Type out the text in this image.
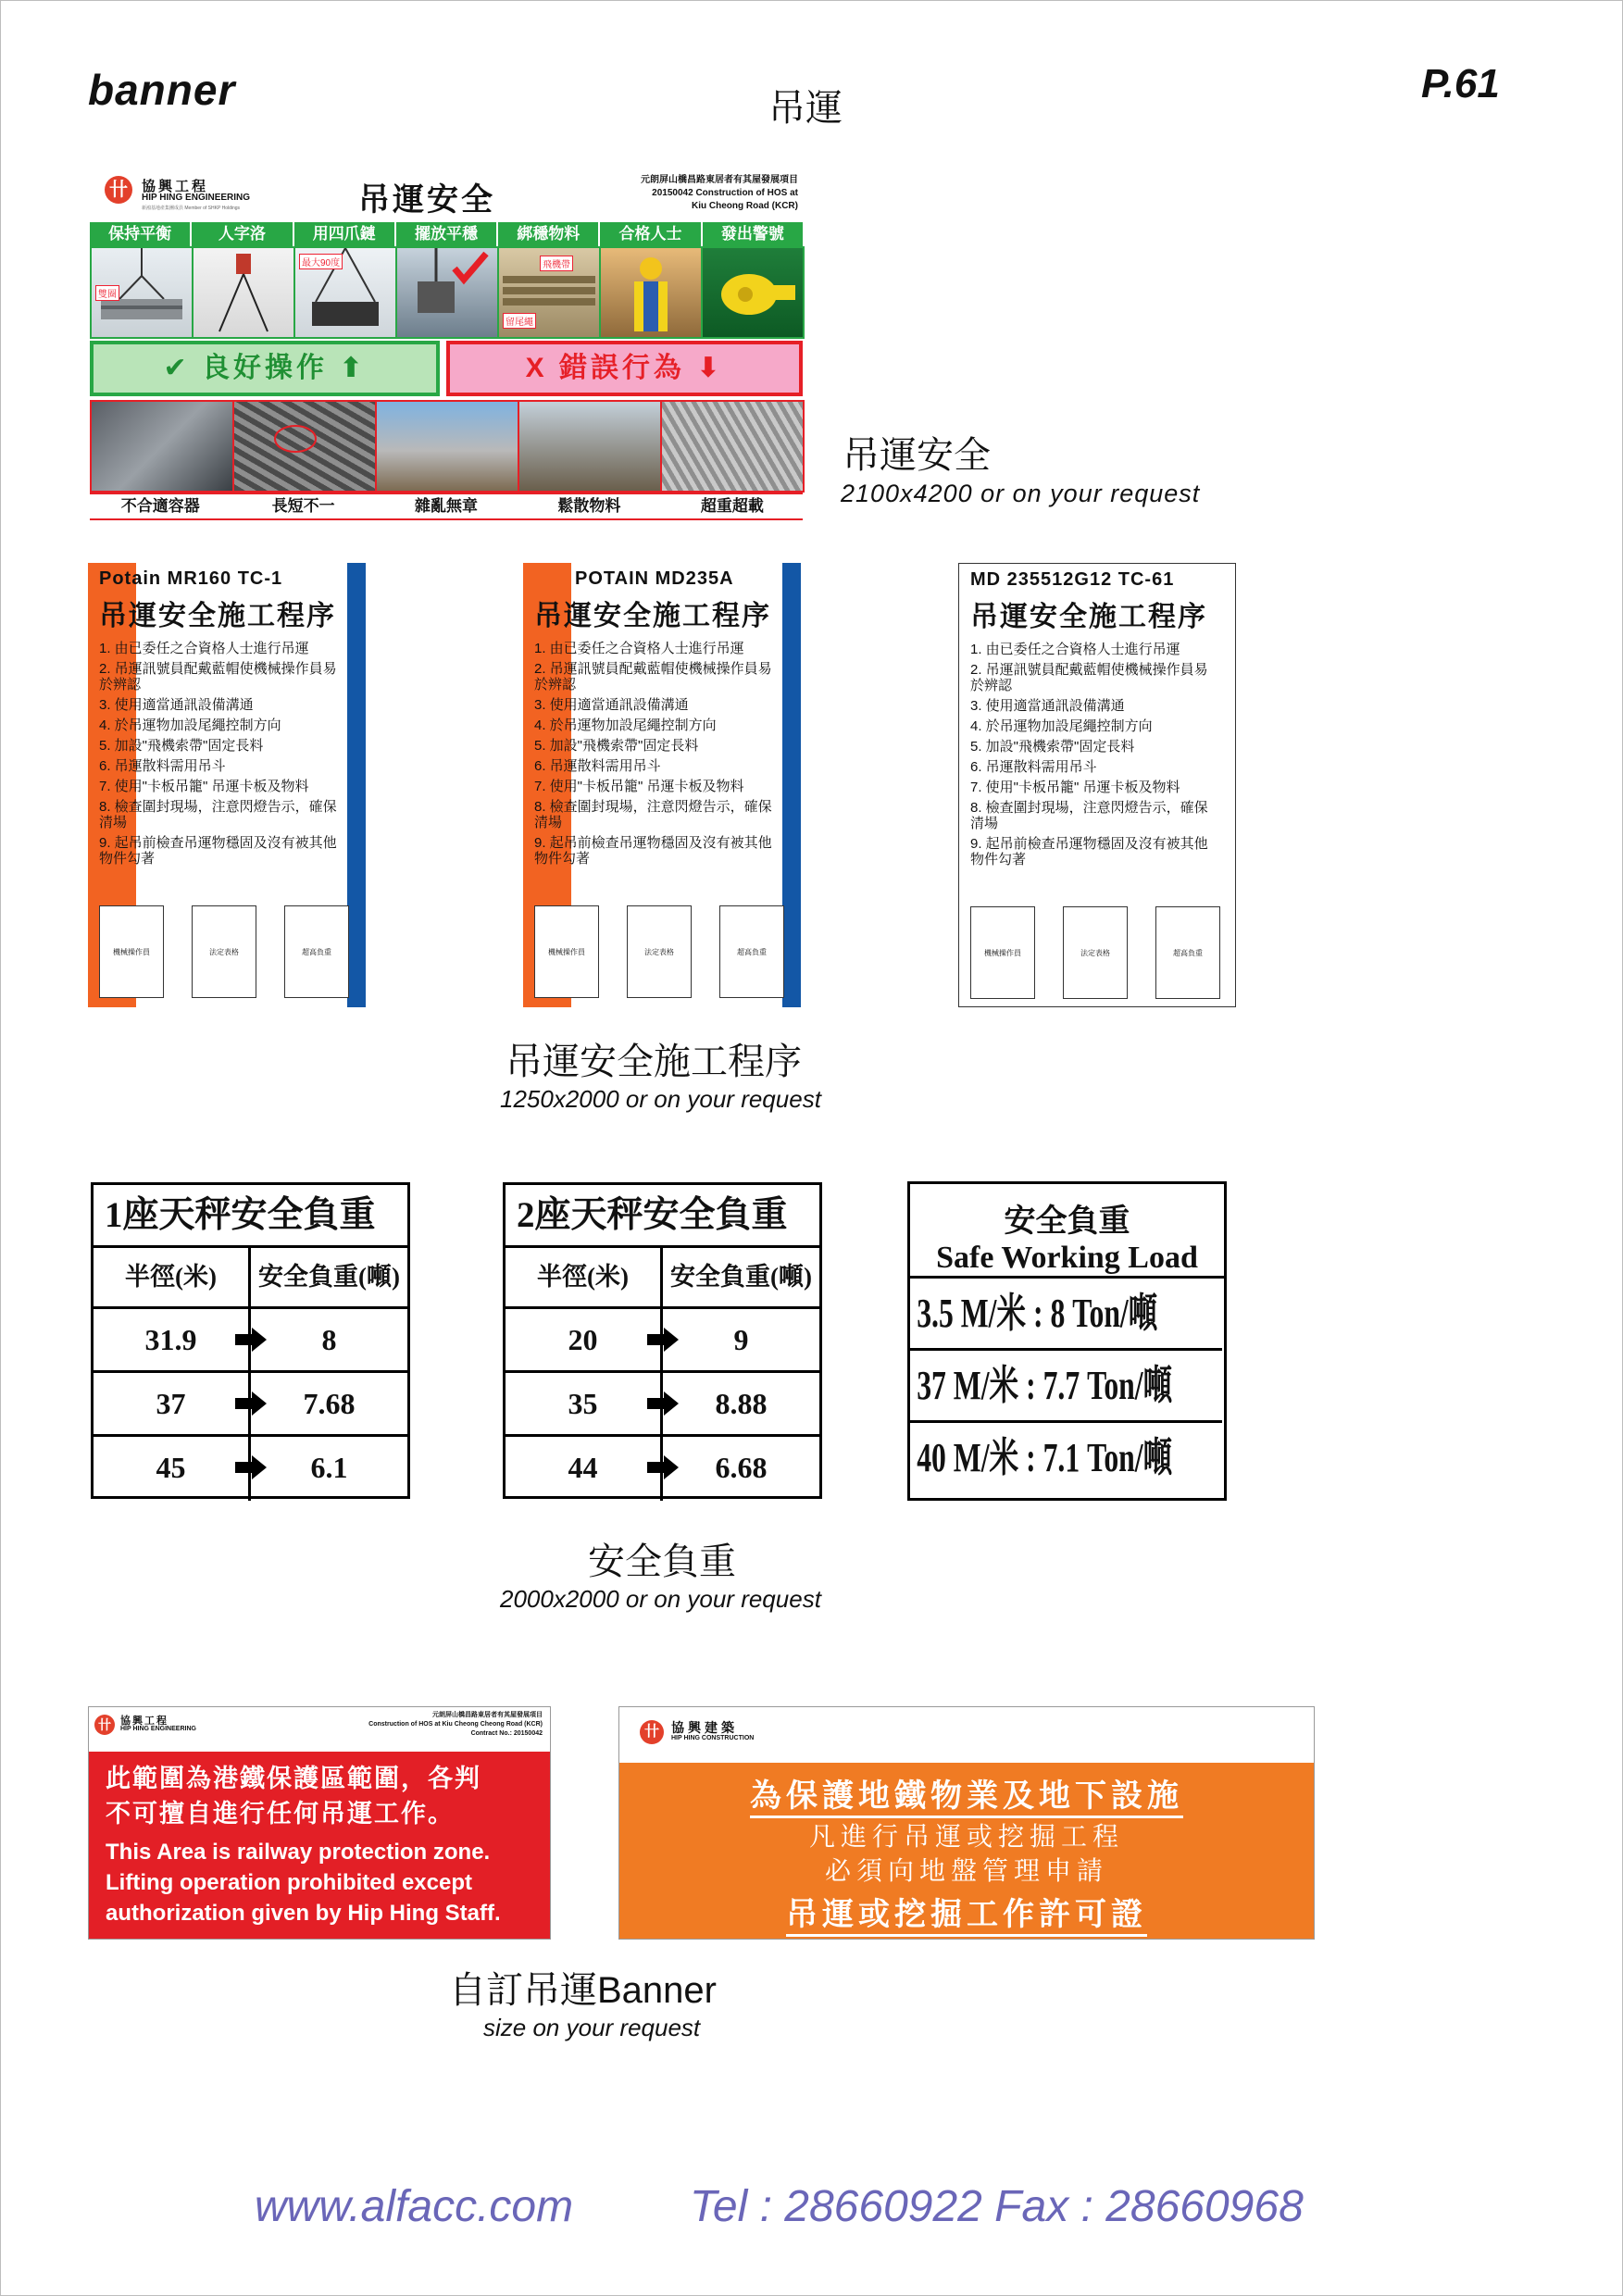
banner	吊運
P.61
卄	協興工程
HIP HING ENGINEERING
新鴻基地產集團成員 Member of SHKP Holdings	吊運安全
元朗屏山橋昌路東居者有其屋發展項目
20150042 Construction of HOS at
Kiu Cheong Road (KCR)
保持平衡	人字洛	用四爪鏈	擺放平穩	綁穩物料	合格人士	發出警號
雙圈
最大90度	飛機帶
留尾繩
✔ 良好操作 ⬆	X 錯誤行為 ⬇
不合適容器	長短不一	雜亂無章	鬆散物料	超重超載
吊運安全
2100x4200 or on your request
Potain MR160 TC-1
吊運安全施工程序
1. 由已委任之合資格人士進行吊運
2. 吊運訊號員配戴藍帽使機械操作員易於辨認
3. 使用適當通訊設備溝通
4. 於吊運物加設尾繩控制方向
5. 加設"飛機索帶"固定長料
6. 吊運散料需用吊斗
7. 使用"卡板吊籠" 吊運卡板及物料
8. 檢查圍封現場，注意閃燈告示，確保清場
9. 起吊前檢查吊運物穩固及沒有被其他物件勾著
機械操作員	法定表格	超高負重
POTAIN MD235A
吊運安全施工程序
1. 由已委任之合資格人士進行吊運
2. 吊運訊號員配戴藍帽使機械操作員易於辨認
3. 使用適當通訊設備溝通
4. 於吊運物加設尾繩控制方向
5. 加設"飛機索帶"固定長料
6. 吊運散料需用吊斗
7. 使用"卡板吊籠" 吊運卡板及物料
8. 檢查圍封現場，注意閃燈告示，確保清場
9. 起吊前檢查吊運物穩固及沒有被其他物件勾著
機械操作員	法定表格	超高負重
MD 235512G12 TC-61
吊運安全施工程序
1. 由已委任之合資格人士進行吊運
2. 吊運訊號員配戴藍帽使機械操作員易於辨認
3. 使用適當通訊設備溝通
4. 於吊運物加設尾繩控制方向
5. 加設"飛機索帶"固定長料
6. 吊運散料需用吊斗
7. 使用"卡板吊籠" 吊運卡板及物料
8. 檢查圍封現場，注意閃燈告示，確保清場
9. 起吊前檢查吊運物穩固及沒有被其他物件勾著
機械操作員	法定表格	超高負重
吊運安全施工程序
1250x2000 or on your request
1座天秤安全負重
半徑(米)	安全負重(噸)
31.9	8
37	7.68
45	6.1
2座天秤安全負重
半徑(米)	安全負重(噸)
20	9
35	8.88
44	6.68
安全負重
Safe Working Load
3.5 M/米 : 8 Ton/噸
37 M/米 : 7.7 Ton/噸
40 M/米 : 7.1 Ton/噸
安全負重
2000x2000 or on your request
卄 協興工程
HIP HING ENGINEERING
元朗屏山橋昌路東居者有其屋發展項目
Construction of HOS at Kiu Cheong Cheong Road (KCR)
Contract No.: 20150042
此範圍為港鐵保護區範圍，各判
不可擅自進行任何吊運工作。
This Area is railway protection zone.
Lifting operation prohibited except
authorization given by Hip Hing Staff.
卄 協興建築
HIP HING CONSTRUCTION
為保護地鐵物業及地下設施
凡進行吊運或挖掘工程
必須向地盤管理申請
吊運或挖掘工作許可證
自訂吊運Banner
size on your request
www.alfacc.com	Tel : 28660922 Fax : 28660968
